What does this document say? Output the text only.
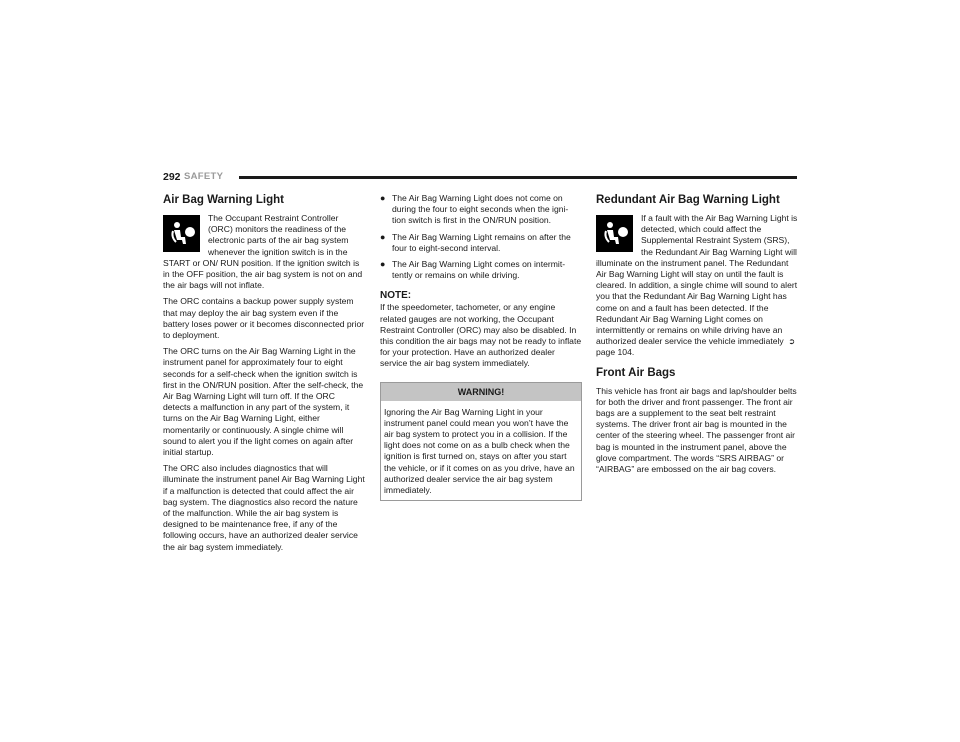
292 SAFETY
Air Bag Warning Light

The Occupant Restraint Controller (ORC) monitors the readiness of the electronic parts of the air bag system whenever the ignition switch is in the START or ON/ RUN position. If the ignition switch is in the OFF position, the air bag system is not on and the air bags will not inflate.

The ORC contains a backup power supply system that may deploy the air bag system even if the battery loses power or it becomes disconnected prior to deployment.

The ORC turns on the Air Bag Warning Light in the instrument panel for approximately four to eight seconds for a self-check when the ignition switch is first in the ON/RUN position. After the self-check, the Air Bag Warning Light will turn off. If the ORC detects a malfunction in any part of the system, it turns on the Air Bag Warning Light, either momentarily or continuously. A single chime will sound to alert you if the light comes on again after initial startup.

The ORC also includes diagnostics that will illuminate the instrument panel Air Bag Warning Light if a malfunction is detected that could affect the air bag system. The diagnostics also record the nature of the malfunction. While the air bag system is designed to be maintenance free, if any of the following occurs, have an authorized dealer service the air bag system immediately.

● The Air Bag Warning Light does not come on during the four to eight seconds when the igni- tion switch is first in the ON/RUN position.
● The Air Bag Warning Light remains on after the four to eight-second interval.
● The Air Bag Warning Light comes on intermit- tently or remains on while driving.
NOTE:

If the speedometer, tachometer, or any engine related gauges are not working, the Occupant Restraint Controller (ORC) may also be disabled. In this condition the air bags may not be ready to inflate for your protection. Have an authorized dealer service the air bag system immediately.

WARNING!
Ignoring the Air Bag Warning Light in your instrument panel could mean you won’t have the air bag system to protect you in a collision. If the light does not come on as a bulb check when the ignition is first turned on, stays on after you start the vehicle, or if it comes on as you drive, have an authorized dealer service the air bag system immediately.
Redundant Air Bag Warning Light

If a fault with the Air Bag Warning Light is detected, which could affect the Supplemental Restraint System (SRS), the Redundant Air Bag Warning Light will illuminate on the instrument panel. The Redundant Air Bag Warning Light will stay on until the fault is cleared. In addition, a single chime will sound to alert you that the Redundant Air Bag Warning Light has come on and a fault has been detected. If the Redundant Air Bag Warning Light comes on intermittently or remains on while driving have an authorized dealer service the vehicle immediately  ➲ page 104.

Front Air Bags

This vehicle has front air bags and lap/shoulder belts for both the driver and front passenger. The front air bags are a supplement to the seat belt restraint systems. The driver front air bag is mounted in the center of the steering wheel. The passenger front air bag is mounted in the instrument panel, above the glove compartment. The words “SRS AIRBAG” or “AIRBAG” are embossed on the air bag covers.
